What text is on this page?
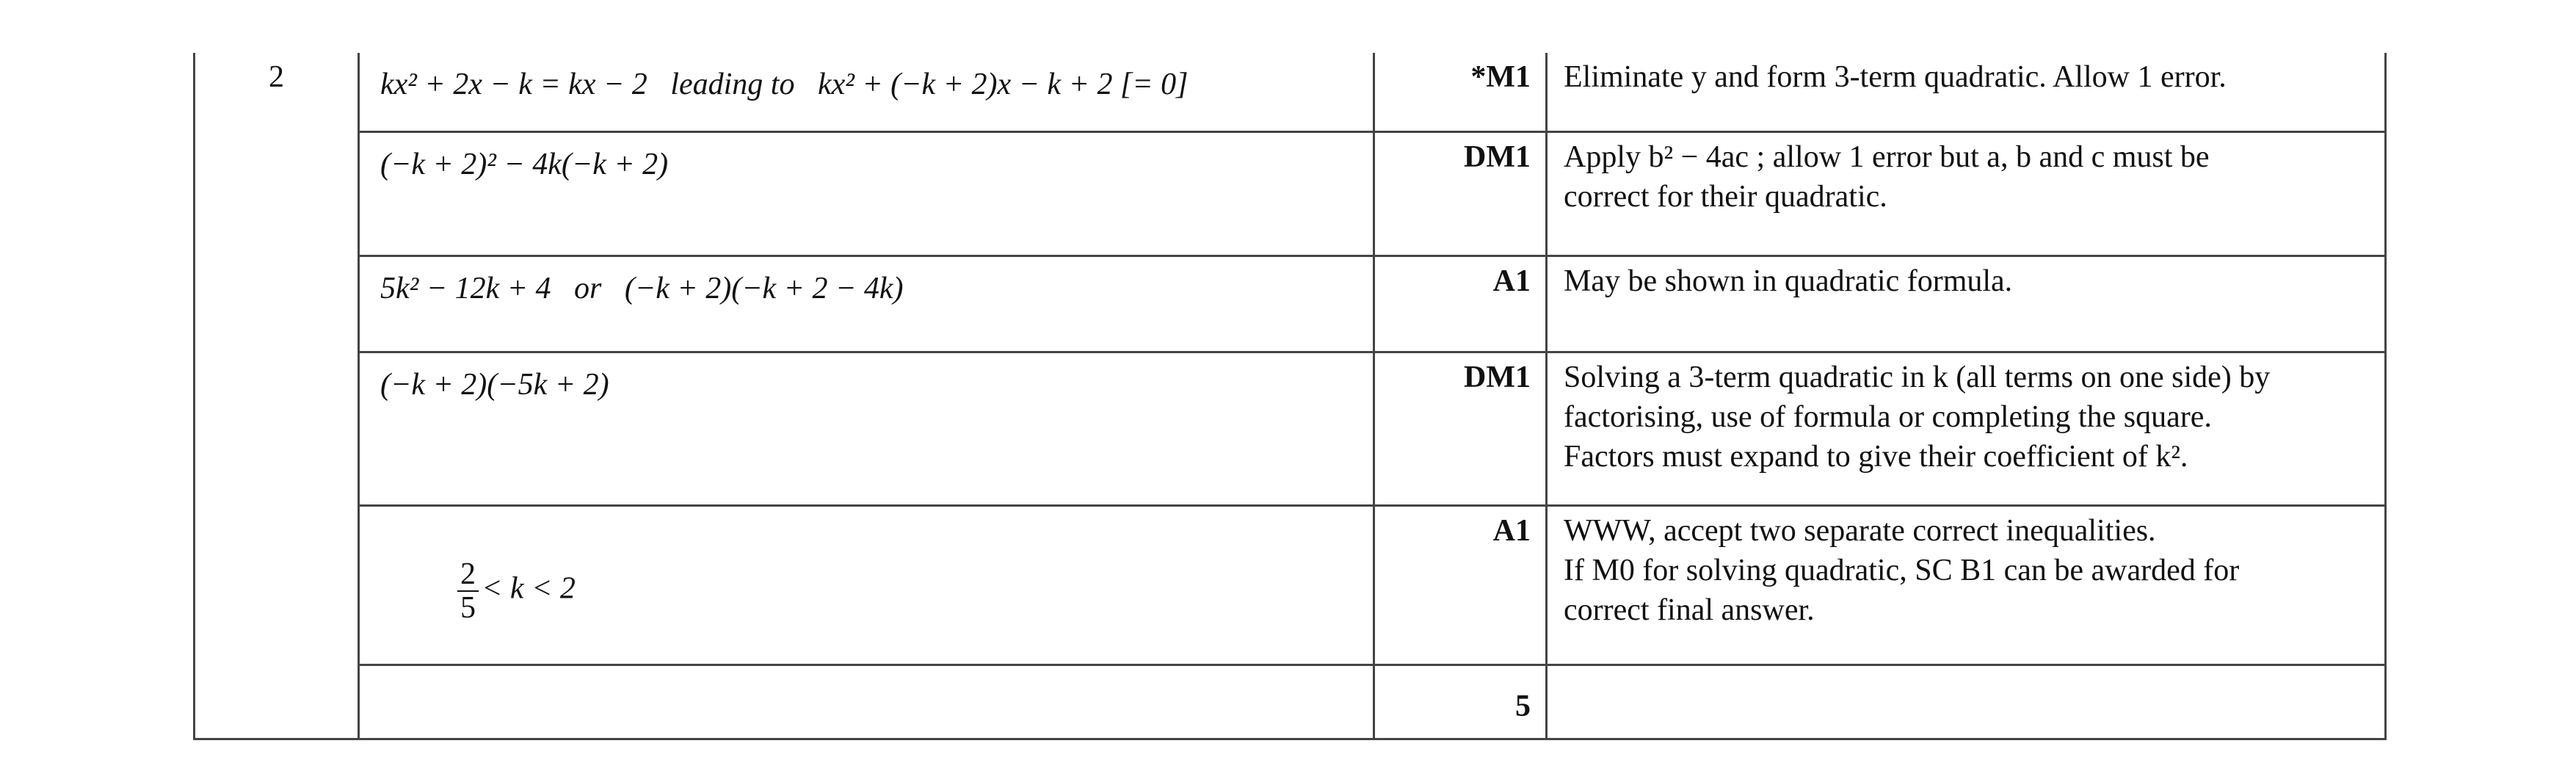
2	kx² + 2x − k = kx − 2   leading to   kx² + (−k + 2)x − k + 2 [= 0]	*M1	Eliminate y and form 3-term quadratic. Allow 1 error.

	(−k + 2)² − 4k(−k + 2)	DM1	Apply b² − 4ac ; allow 1 error but a, b and c must be
correct for their quadratic.

	5k² − 12k + 4   or   (−k + 2)(−k + 2 − 4k)	A1	May be shown in quadratic formula.

	(−k + 2)(−5k + 2)	DM1	Solving a 3-term quadratic in k (all terms on one side) by
factorising, use of formula or completing the square.
Factors must expand to give their coefficient of k².

	$\frac{2}{5} < k < 2$	A1	WWW, accept two separate correct inequalities.
If M0 for solving quadratic, SC B1 can be awarded for
correct final answer.

		5	
